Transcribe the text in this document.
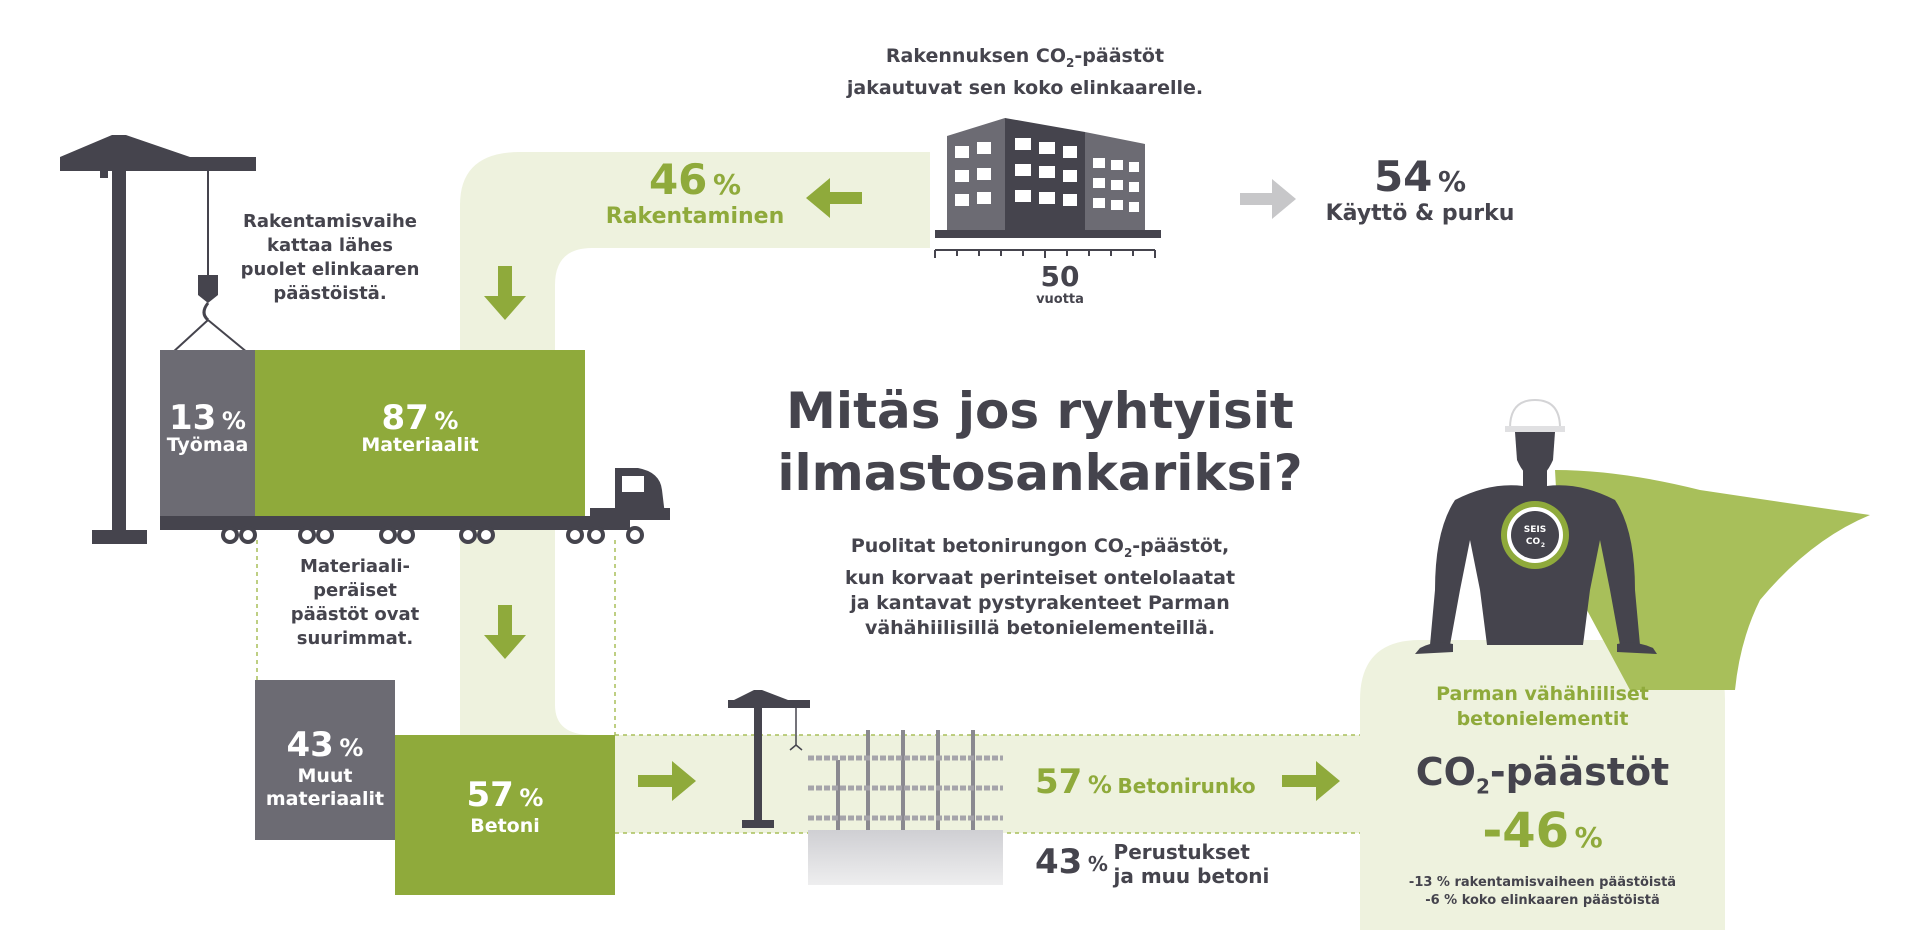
13 %
Työmaa
87 %
Materiaalit
Rakentamisvaihe
kattaa lähes
puolet elinkaaren
päästöistä.
Materiaali-
peräiset
päästöt ovat
suurimmat.
43 %
Muut
materiaalit	57 %
Betoni
Rakennuksen $CO_2$-päästöt
jakautuvat sen koko elinkaarelle.
50
vuotta
46 %
Rakentaminen
54 %
Käyttö & purku
Mitäs jos ryhtyisit
ilmastosankariksi?
Puolitat betonirungon $CO_2$-päästöt,
kun korvaat perinteiset ontelolaatat
ja kantavat pystyrakenteet Parman
vähähiilisillä betonielementeillä.
57 % Betonirunko
43 % Perustukset
ja muu betoni
SEIS
CO 2
Parman vähähiiliset
betonielementit
$CO_2$-päästöt
-46 %
-13 % rakentamisvaiheen päästöistä
-6 % koko elinkaaren päästöistä
